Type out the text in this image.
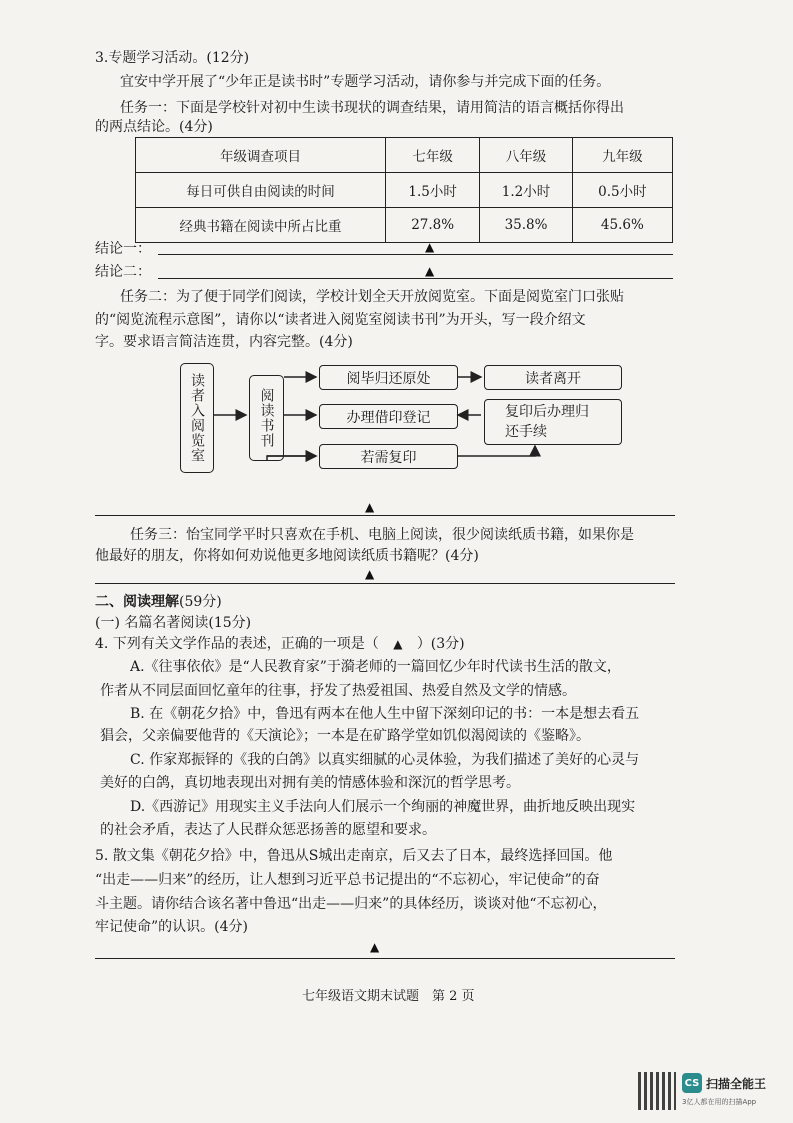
3.专题学习活动。(12分)
宜安中学开展了“少年正是读书时”专题学习活动，请你参与并完成下面的任务。
任务一：下面是学校针对初中生读书现状的调查结果，请用简洁的语言概括你得出
的两点结论。(4分)
年级调查项目	七年级	八年级	九年级
每日可供自由阅读的时间	1.5小时	1.2小时	0.5小时
经典书籍在阅读中所占比重	27.8%	35.8%	45.6%
结论一：	▲
结论二：	▲
任务二：为了便于同学们阅读，学校计划全天开放阅览室。下面是阅览室门口张贴
的“阅览流程示意图”，请你以“读者进入阅览室阅读书刊”为开头，写一段介绍文
字。要求语言简洁连贯，内容完整。(4分)
读者入阅览室	阅读书刊
阅毕归还原处	读者离开
办理借印登记	复印后办理归
还手续
若需复印
▲
任务三：怡宝同学平时只喜欢在手机、电脑上阅读，很少阅读纸质书籍，如果你是
他最好的朋友，你将如何劝说他更多地阅读纸质书籍呢？(4分)
▲
二、阅读理解(59分)
(一) 名篇名著阅读(15分)
4. 下列有关文学作品的表述，正确的一项是（ ▲ ）(3分)
A.《往事依依》是“人民教育家”于漪老师的一篇回忆少年时代读书生活的散文，
作者从不同层面回忆童年的往事，抒发了热爱祖国、热爱自然及文学的情感。
B. 在《朝花夕拾》中，鲁迅有两本在他人生中留下深刻印记的书：一本是想去看五
猖会，父亲偏要他背的《天演论》；一本是在矿路学堂如饥似渴阅读的《鉴略》。
C. 作家郑振铎的《我的白鸽》以真实细腻的心灵体验，为我们描述了美好的心灵与
美好的白鸽，真切地表现出对拥有美的情感体验和深沉的哲学思考。
D.《西游记》用现实主义手法向人们展示一个绚丽的神魔世界，曲折地反映出现实
的社会矛盾，表达了人民群众惩恶扬善的愿望和要求。
5. 散文集《朝花夕拾》中，鲁迅从S城出走南京，后又去了日本，最终选择回国。他
“出走——归来”的经历，让人想到习近平总书记提出的“不忘初心，牢记使命”的奋
斗主题。请你结合该名著中鲁迅“出走——归来”的具体经历，谈谈对他“不忘初心，
牢记使命”的认识。(4分)
▲
七年级语文期末试题　第 2 页
CS 扫描全能王
3亿人都在用的扫描App
